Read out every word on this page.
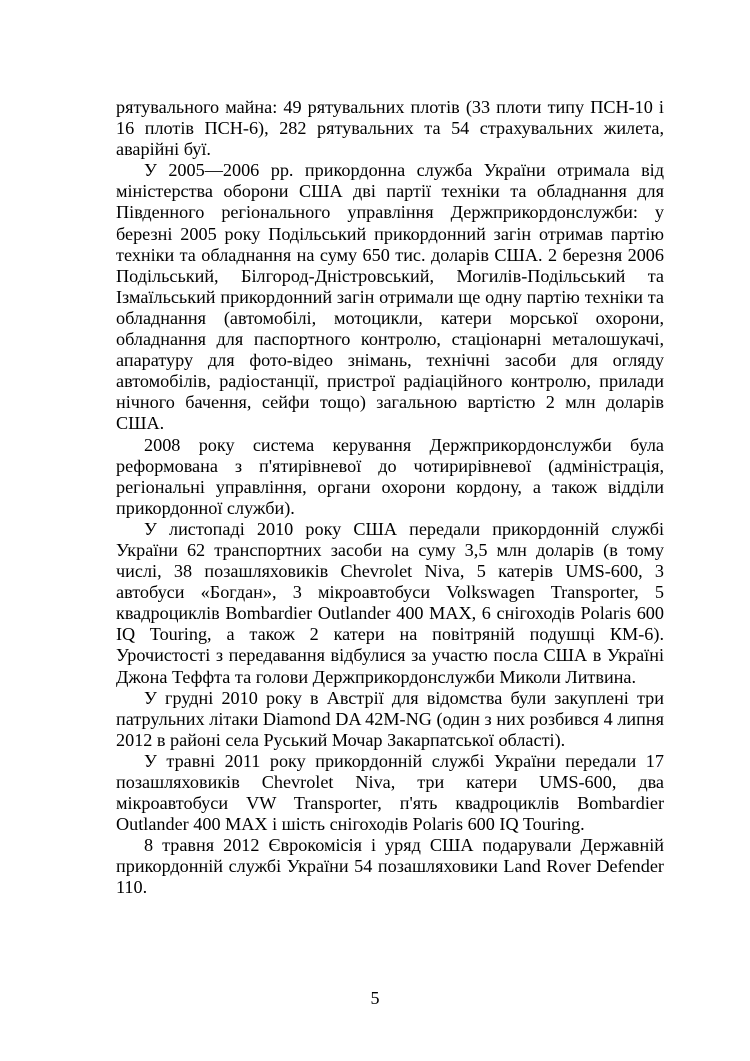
рятувального майна: 49 рятувальних плотів (33 плоти типу ПСН-10 і 16 плотів ПСН-6), 282 рятувальних та 54 страхувальних жилета, аварійні буї.

У 2005—2006 рр. прикордонна служба України отримала від міністерства оборони США дві партії техніки та обладнання для Південного регіонального управління Держприкордонслужби: у березні 2005 року Подільський прикордонний загін отримав партію техніки та обладнання на суму 650 тис. доларів США. 2 березня 2006 Подільський, Білгород-Дністровський, Могилів-Подільський та Ізмаїльський прикордонний загін отримали ще одну партію техніки та обладнання (автомобілі, мотоцикли, катери морської охорони, обладнання для паспортного контролю, стаціонарні металошукачі, апаратуру для фото-відео знімань, технічні засоби для огляду автомобілів, радіостанції, пристрої радіаційного контролю, прилади нічного бачення, сейфи тощо) загальною вартістю 2 млн доларів США.

2008 року система керування Держприкордонслужби була реформована з п'ятирівневої до чотирирівневої (адміністрація, регіональні управління, органи охорони кордону, а також відділи прикордонної служби).

У листопаді 2010 року США передали прикордонній службі України 62 транспортних засоби на суму 3,5 млн доларів (в тому числі, 38 позашляховиків Chevrolet Niva, 5 катерів UMS-600, 3 автобуси «Богдан», 3 мікроавтобуси Volkswagen Transporter, 5 квадроциклів Bombardier Outlander 400 MAX, 6 снігоходів Polaris 600 IQ Touring, а також 2 катери на повітряній подушці КМ-6). Урочистості з передавання відбулися за участю посла США в Україні Джона Теффта та голови Держприкордонслужби Миколи Литвина.

У грудні 2010 року в Австрії для відомства були закуплені три патрульних літаки Diamond DA 42M-NG (один з них розбився 4 липня 2012 в районі села Руський Мочар Закарпатської області).

У травні 2011 року прикордонній службі України передали 17 позашляховиків Chevrolet Niva, три катери UMS-600, два мікроавтобуси VW Transporter, п'ять квадроциклів Bombardier Outlander 400 MAX і шість снігоходів Polaris 600 IQ Touring.

8 травня 2012 Єврокомісія і уряд США подарували Державній прикордонній службі України 54 позашляховики Land Rover Defender 110.

5
